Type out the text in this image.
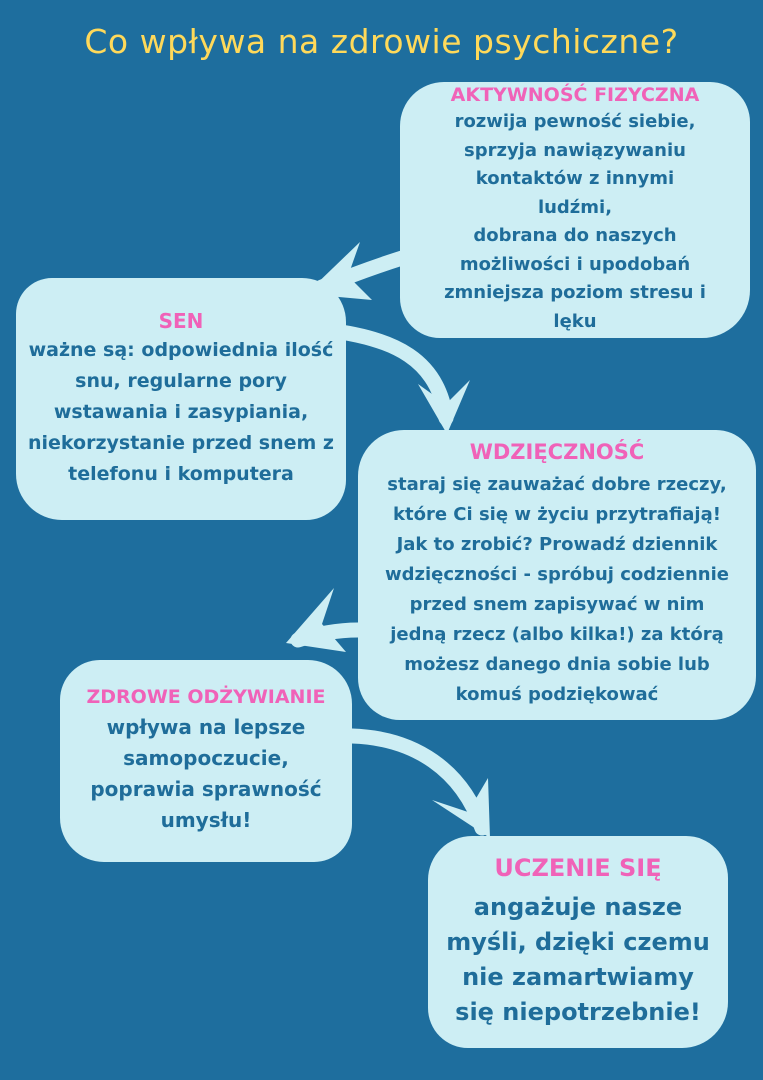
Co wpływa na zdrowie psychiczne?
AKTYWNOŚĆ FIZYCZNA
rozwija pewność siebie,
sprzyja nawiązywaniu
kontaktów z innymi
ludźmi,
dobrana do naszych
możliwości i upodobań
zmniejsza poziom stresu i
lęku
SEN
ważne są: odpowiednia ilość
snu, regularne pory
wstawania i zasypiania,
niekorzystanie przed snem z
telefonu i komputera
WDZIĘCZNOŚĆ
staraj się zauważać dobre rzeczy,
które Ci się w życiu przytrafiają!
Jak to zrobić? Prowadź dziennik
wdzięczności - spróbuj codziennie
przed snem zapisywać w nim
jedną rzecz (albo kilka!) za którą
możesz danego dnia sobie lub
komuś podziękować
ZDROWE ODŻYWIANIE
wpływa na lepsze
samopoczucie,
poprawia sprawność
umysłu!
UCZENIE SIĘ
angażuje nasze
myśli, dzięki czemu
nie zamartwiamy
się niepotrzebnie!
